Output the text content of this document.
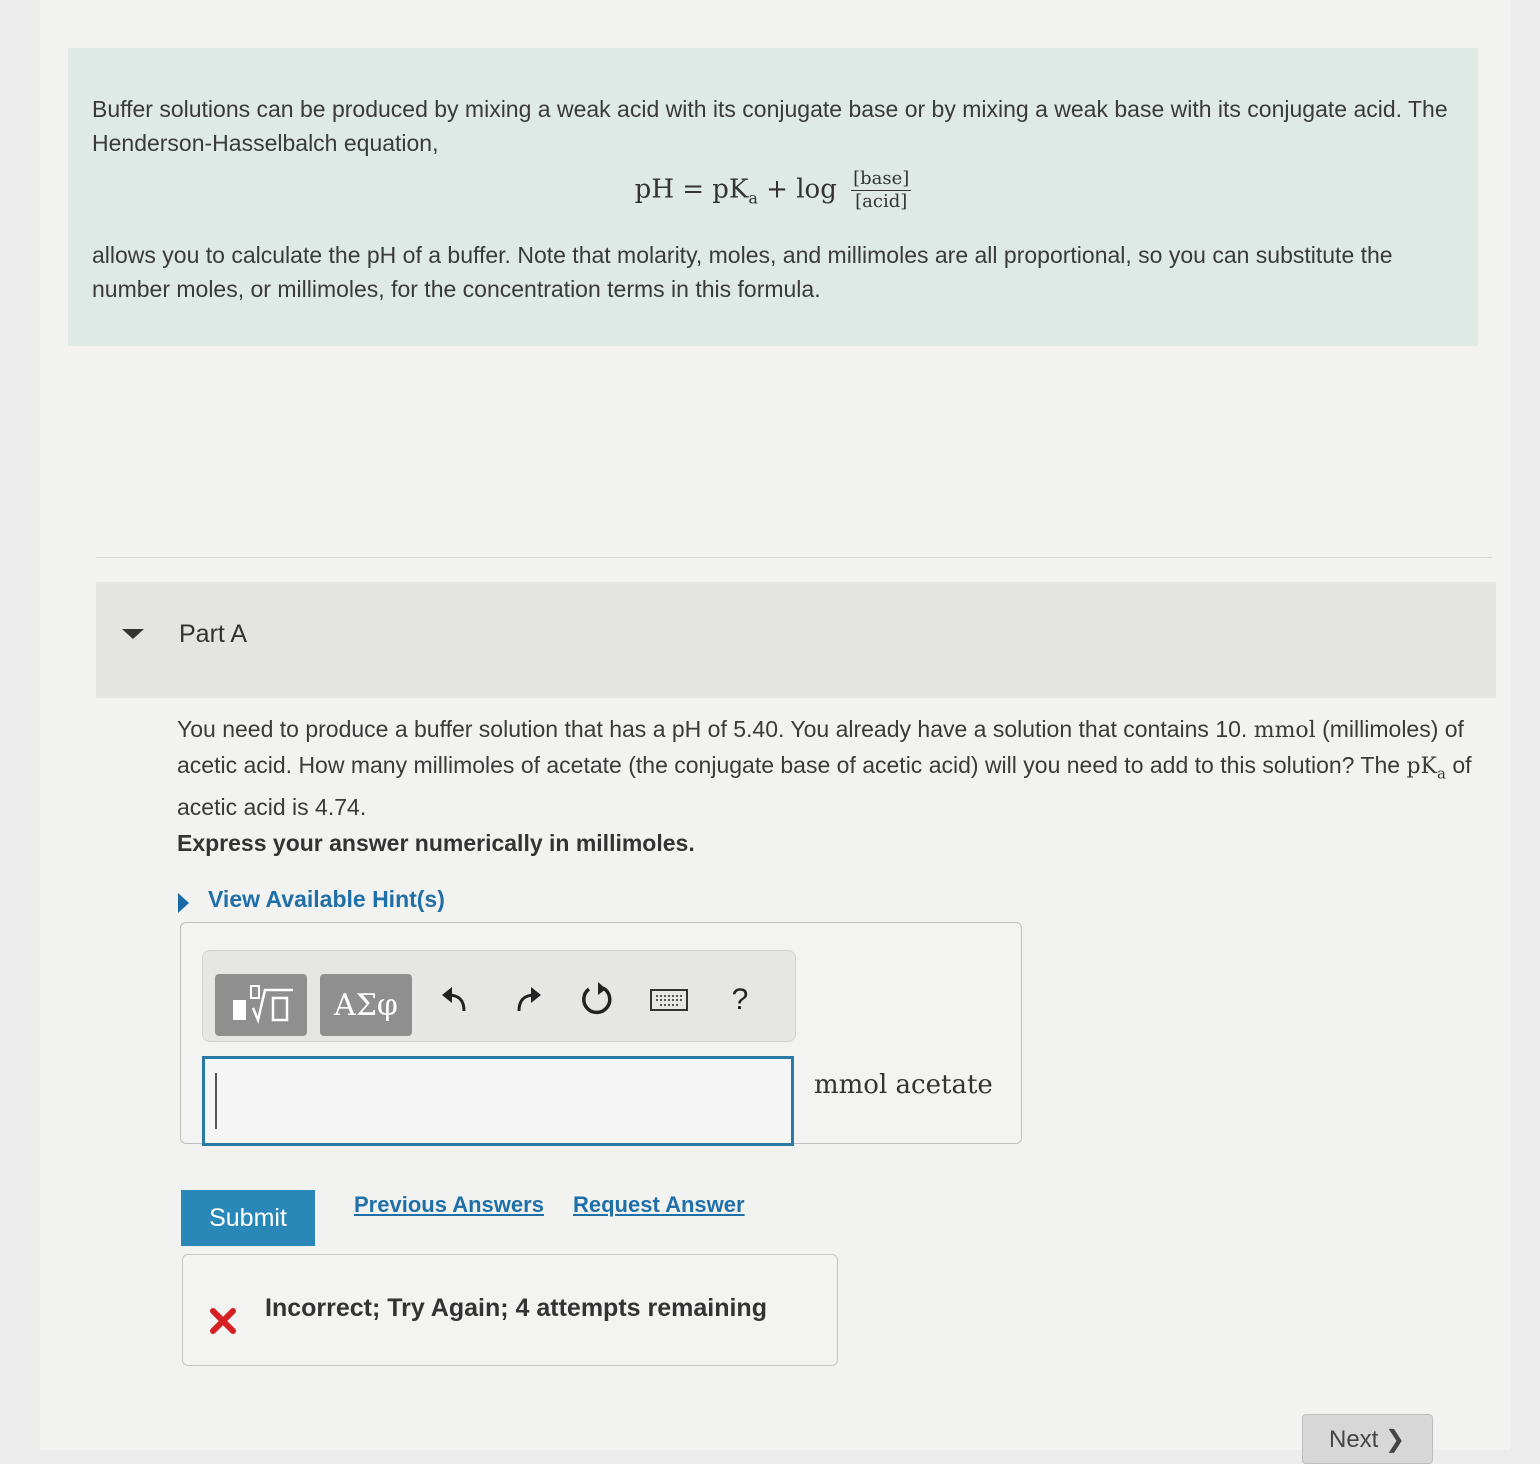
Buffer solutions can be produced by mixing a weak acid with its conjugate base or by mixing a weak base with its conjugate acid. The Henderson-Hasselbalch equation,

pH = $pK_a + \log \frac{\text{[base]}}{\text{[acid]}}$

allows you to calculate the pH of a buffer. Note that molarity, moles, and millimoles are all proportional, so you can substitute the number moles, or millimoles, for the concentration terms in this formula.

Part A

You need to produce a buffer solution that has a pH of 5.40. You already have a solution that contains 10. mmol (millimoles) of acetic acid. How many millimoles of acetate (the conjugate base of acetic acid) will you need to add to this solution? The $pK_a$ of acetic acid is 4.74.

Express your answer numerically in millimoles.
View Available Hint(s)
ΑΣφ	?
mmol acetate
Submit	Previous Answers Request Answer
Incorrect; Try Again; 4 attempts remaining
Next ❯
